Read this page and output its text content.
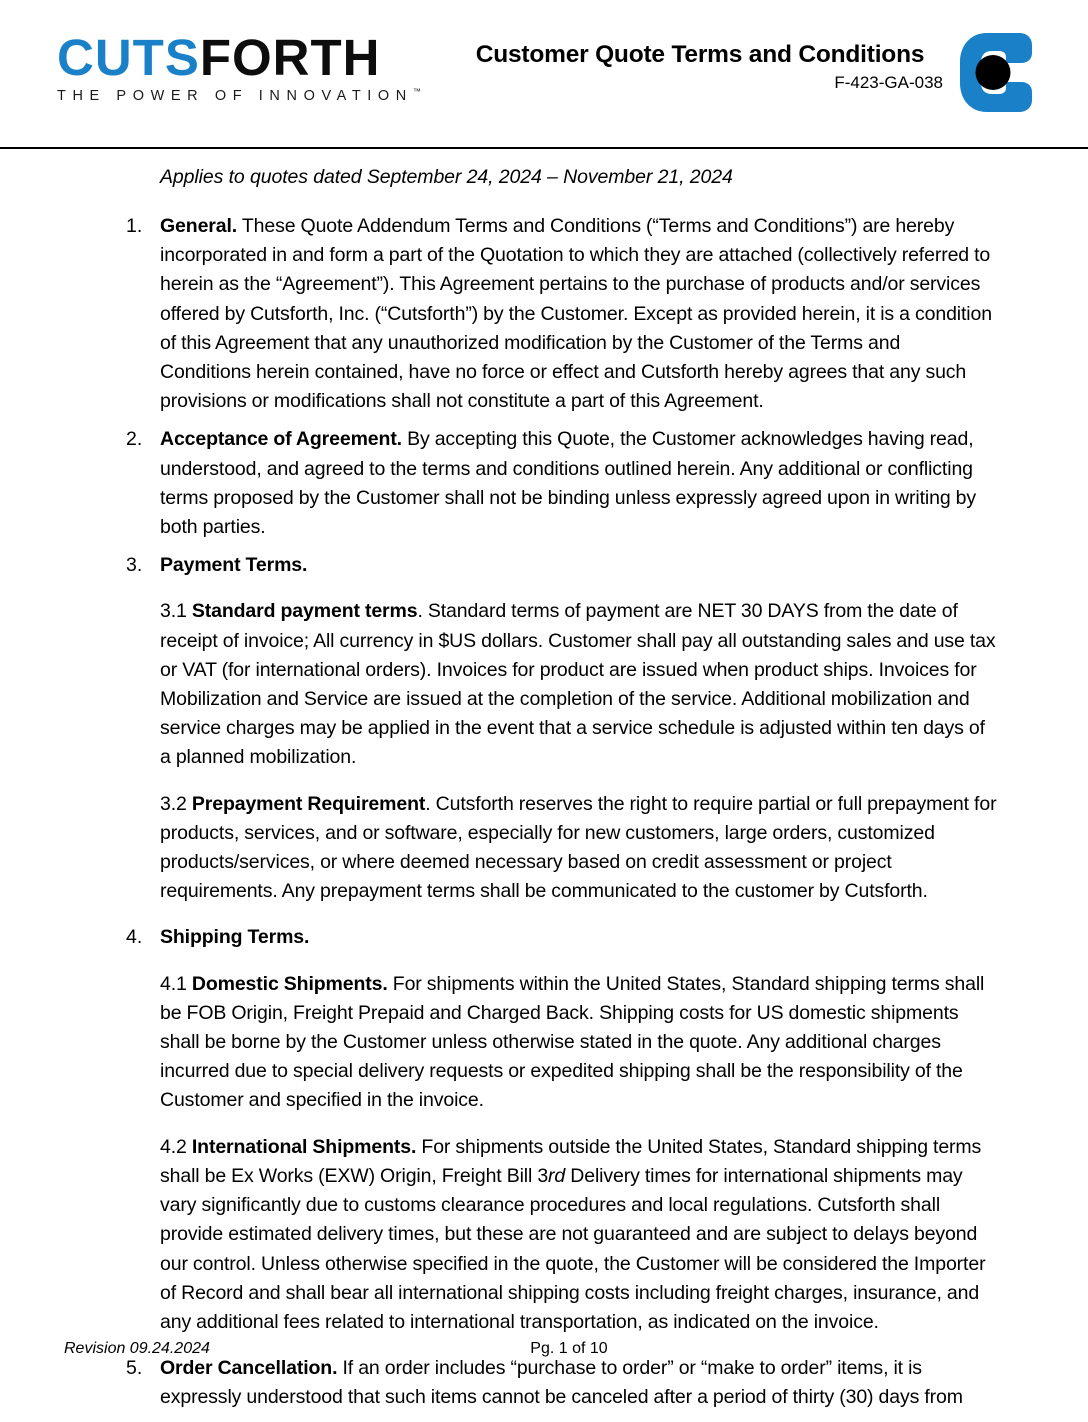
CUTSFORTH
THE POWER OF INNOVATION™
Customer Quote Terms and Conditions
F-423-GA-038
Applies to quotes dated September 24, 2024 – November 21, 2024
1. General. These Quote Addendum Terms and Conditions (“Terms and Conditions”) are hereby incorporated in and form a part of the Quotation to which they are attached (collectively referred to herein as the “Agreement”). This Agreement pertains to the purchase of products and/or services offered by Cutsforth, Inc. (“Cutsforth”) by the Customer. Except as provided herein, it is a condition of this Agreement that any unauthorized modification by the Customer of the Terms and Conditions herein contained, have no force or effect and Cutsforth hereby agrees that any such provisions or modifications shall not constitute a part of this Agreement.

2. Acceptance of Agreement. By accepting this Quote, the Customer acknowledges having read, understood, and agreed to the terms and conditions outlined herein. Any additional or conflicting terms proposed by the Customer shall not be binding unless expressly agreed upon in writing by both parties.

3. Payment Terms.

3.1 Standard payment terms. Standard terms of payment are NET 30 DAYS from the date of receipt of invoice; All currency in $US dollars. Customer shall pay all outstanding sales and use tax or VAT (for international orders). Invoices for product are issued when product ships. Invoices for Mobilization and Service are issued at the completion of the service. Additional mobilization and service charges may be applied in the event that a service schedule is adjusted within ten days of a planned mobilization.

3.2 Prepayment Requirement. Cutsforth reserves the right to require partial or full prepayment for products, services, and or software, especially for new customers, large orders, customized products/services, or where deemed necessary based on credit assessment or project requirements. Any prepayment terms shall be communicated to the customer by Cutsforth.

4. Shipping Terms.

4.1 Domestic Shipments. For shipments within the United States, Standard shipping terms shall be FOB Origin, Freight Prepaid and Charged Back. Shipping costs for US domestic shipments shall be borne by the Customer unless otherwise stated in the quote. Any additional charges incurred due to special delivery requests or expedited shipping shall be the responsibility of the Customer and specified in the invoice.

4.2 International Shipments. For shipments outside the United States, Standard shipping terms shall be Ex Works (EXW) Origin, Freight Bill 3rd Delivery times for international shipments may vary significantly due to customs clearance procedures and local regulations. Cutsforth shall provide estimated delivery times, but these are not guaranteed and are subject to delays beyond our control. Unless otherwise specified in the quote, the Customer will be considered the Importer of Record and shall bear all international shipping costs including freight charges, insurance, and any additional fees related to international transportation, as indicated on the invoice.

5. Order Cancellation. If an order includes “purchase to order” or “make to order” items, it is expressly understood that such items cannot be canceled after a period of thirty (30) days from

Revision 09.24.2024	Pg. 1 of 10
